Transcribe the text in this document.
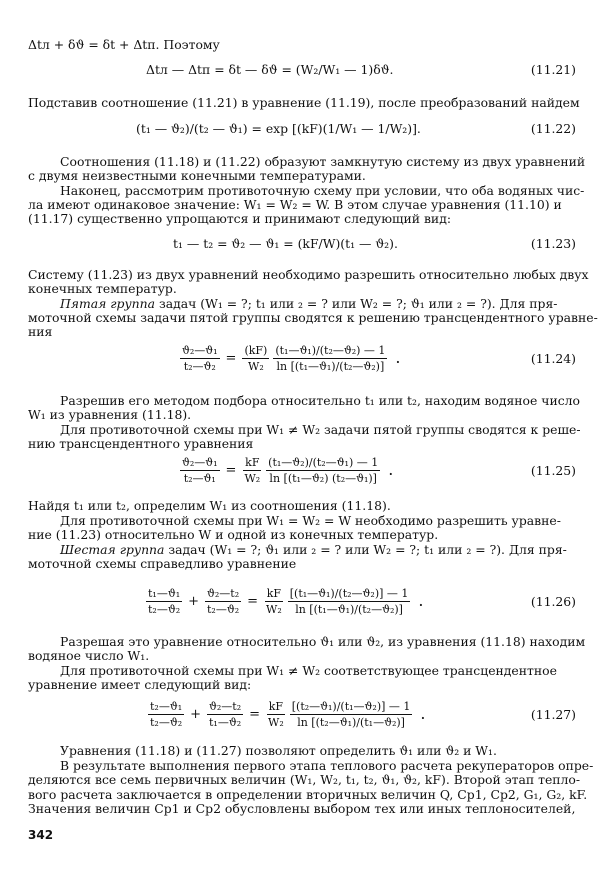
Δtл + δϑ = δt + Δtп. Поэтому
Δtл — Δtп = δt — δϑ = (W₂/W₁ — 1)δϑ.	(11.21)
Подставив соотношение (11.21) в уравнение (11.19), после преобразований найдем
(t₁ — ϑ₂)/(t₂ — ϑ₁) = exp [(kF)(1/W₁ — 1/W₂)].	(11.22)
Соотношения (11.18) и (11.22) образуют замкнутую систему из двух уравнений
с двумя неизвестными конечными температурами.
Наконец, рассмотрим противоточную схему при условии, что оба водяных чис-
ла имеют одинаковое значение: W₁ = W₂ = W. В этом случае уравнения (11.10) и
(11.17) существенно упрощаются и принимают следующий вид:
t₁ — t₂ = ϑ₂ — ϑ₁ = (kF/W)(t₁ — ϑ₂).	(11.23)
Систему (11.23) из двух уравнений необходимо разрешить относительно любых двух
конечных температур.
Пятая группа задач (W₁ = ?; t₁ или ₂ = ? или W₂ = ?; ϑ₁ или ₂ = ?). Для пря-
моточной схемы задачи пятой группы сводятся к решению трансцендентного уравне-
ния
$\frac{\text{ϑ₂—ϑ₁}}{\text{t₂—ϑ₂}} = \frac{(kF)}{\text{W₂}} \frac{\text{(t₁—ϑ₁)/(t₂—ϑ₂) — 1}}{\text{ln [(t₁—ϑ₁)/(t₂—ϑ₂)]}}$ .	(11.24)
Разрешив его методом подбора относительно t₁ или t₂, находим водяное число
W₁ из уравнения (11.18).
Для противоточной схемы при W₁ ≠ W₂ задачи пятой группы сводятся к реше-
нию трансцендентного уравнения
$\frac{\text{ϑ₂—ϑ₁}}{\text{t₂—ϑ₁}} = \frac{kF}{\text{W₂}} \frac{\text{(t₁—ϑ₂)/(t₂—ϑ₁) — 1}}{\text{ln [(t₁—ϑ₂) (t₂—ϑ₁)]}}$ .	(11.25)
Найдя t₁ или t₂, определим W₁ из соотношения (11.18).
Для противоточной схемы при W₁ = W₂ = W необходимо разрешить уравне-
ние (11.23) относительно W и одной из конечных температур.
Шестая группа задач (W₁ = ?; ϑ₁ или ₂ = ? или W₂ = ?; t₁ или ₂ = ?). Для пря-
моточной схемы справедливо уравнение
$\frac{\text{t₁—ϑ₁}}{\text{t₂—ϑ₂}} + \frac{\text{ϑ₂—t₂}}{\text{t₂—ϑ₂}} = \frac{kF}{\text{W₂}} \frac{\text{[(t₁—ϑ₁)/(t₂—ϑ₂)] — 1}}{\text{ln [(t₁—ϑ₁)/(t₂—ϑ₂)]}}$ .	(11.26)
Разрешая это уравнение относительно ϑ₁ или ϑ₂, из уравнения (11.18) находим
водяное число W₁.
Для противоточной схемы при W₁ ≠ W₂ соответствующее трансцендентное
уравнение имеет следующий вид:
$\frac{\text{t₂—ϑ₁}}{\text{t₂—ϑ₂}} + \frac{\text{ϑ₂—t₂}}{\text{t₁—ϑ₂}} = \frac{kF}{\text{W₂}} \frac{\text{[(t₂—ϑ₁)/(t₁—ϑ₂)] — 1}}{\text{ln [(t₂—ϑ₁)/(t₁—ϑ₂)]}}$ .	(11.27)
Уравнения (11.18) и (11.27) позволяют определить ϑ₁ или ϑ₂ и W₁.
В результате выполнения первого этапа теплового расчета рекуператоров опре-
деляются все семь первичных величин (W₁, W₂, t₁, t₂, ϑ₁, ϑ₂, kF). Второй этап тепло-
вого расчета заключается в определении вторичных величин Q, Cp1, Cp2, G₁, G₂, kF.
Значения величин Cp1 и Cp2 обусловлены выбором тех или иных теплоносителей,
342
